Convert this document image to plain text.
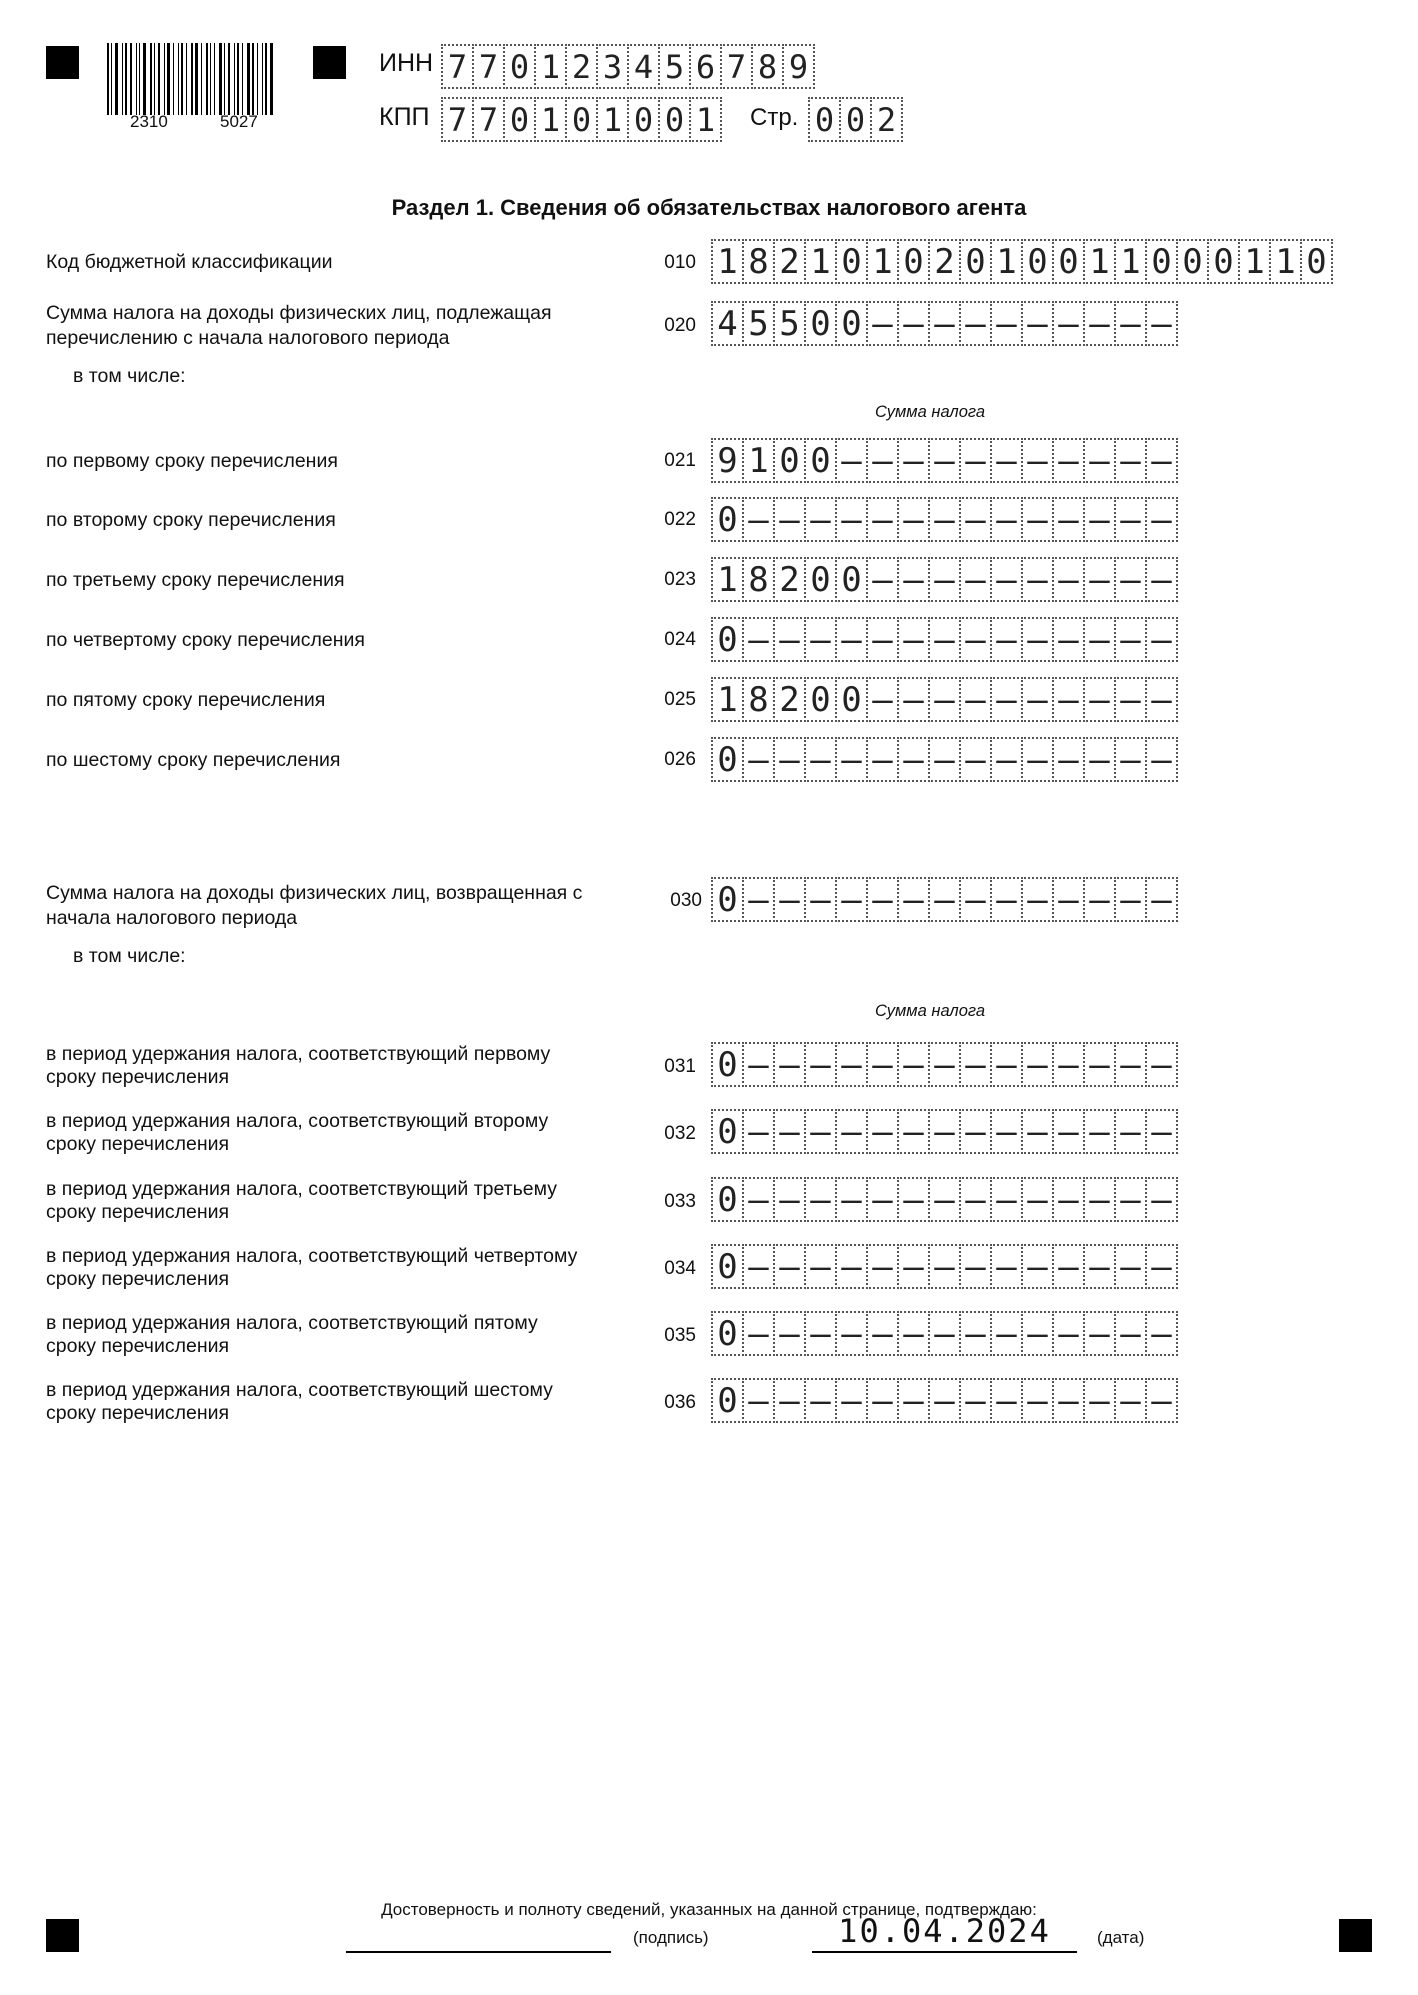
2310	5027
ИНН 7 7 0 1 2 3 4 5 6 7 8 9
КПП 7 7 0 1 0 1 0 0 1 Стр. 0 0 2
Раздел 1. Сведения об обязательствах налогового агента
Код бюджетной классификации	010 1 8 2 1 0 1 0 2 0 1 0 0 1 1 0 0 0 1 1 0
Сумма налога на доходы физических лиц, подлежащая
перечислению с начала налогового периода
020 4 5 5 0 0 – – – – – – – – – –
в том числе:
Сумма налога
по первому сроку перечисления	021 9 1 0 0 – – – – – – – – – – –
по второму сроку перечисления	022 0 – – – – – – – – – – – – – –
по третьему сроку перечисления	023 1 8 2 0 0 – – – – – – – – – –
по четвертому сроку перечисления	024 0 – – – – – – – – – – – – – –
по пятому сроку перечисления	025 1 8 2 0 0 – – – – – – – – – –
по шестому сроку перечисления	026 0 – – – – – – – – – – – – – –
Сумма налога на доходы физических лиц, возвращенная с
начала налогового периода
030 0 – – – – – – – – – – – – – –
в том числе:
Сумма налога
в период удержания налога, соответствующий первому
сроку перечисления	031 0 – – – – – – – – – – – – – –
в период удержания налога, соответствующий второму
сроку перечисления	032 0 – – – – – – – – – – – – – –
в период удержания налога, соответствующий третьему
сроку перечисления	033 0 – – – – – – – – – – – – – –
в период удержания налога, соответствующий четвертому
сроку перечисления	034 0 – – – – – – – – – – – – – –
в период удержания налога, соответствующий пятому
сроку перечисления	035 0 – – – – – – – – – – – – – –
в период удержания налога, соответствующий шестому
сроку перечисления	036 0 – – – – – – – – – – – – – –
Достоверность и полноту сведений, указанных на данной странице, подтверждаю:
(подпись)	10.04.2024	(дата)
